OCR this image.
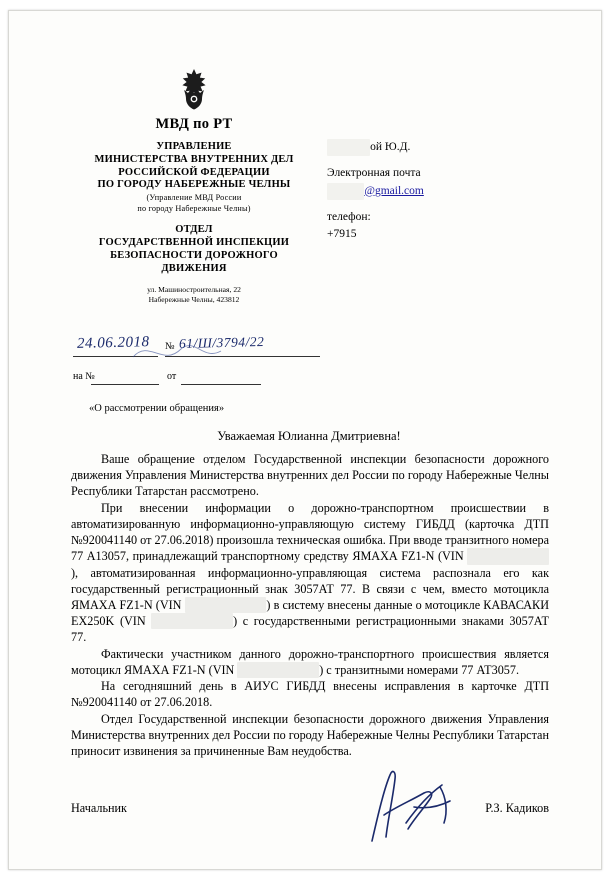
МВД по РТ
УПРАВЛЕНИЕ
МИНИСТЕРСТВА ВНУТРЕННИХ ДЕЛ
РОССИЙСКОЙ ФЕДЕРАЦИИ
ПО ГОРОДУ НАБЕРЕЖНЫЕ ЧЕЛНЫ
(Управление МВД России
по городу Набережные Челны)
ОТДЕЛ
ГОСУДАРСТВЕННОЙ ИНСПЕКЦИИ
БЕЗОПАСНОСТИ ДОРОЖНОГО
ДВИЖЕНИЯ
ул. Машиностроительная, 22
Набережные Челны, 423812
24.06.2018 № 61/Ш/3794/22
на №	от
ой Ю.Д.
Электронная почта
@gmail.com
телефон:
+7915
«О рассмотрении обращения»
Уважаемая Юлианна Дмитриевна!

Ваше обращение отделом Государственной инспекции безопасности дорожного движения Управления Министерства внутренних дел России по городу Набережные Челны Республики Татарстан рассмотрено.

При внесении информации о дорожно-транспортном происшествии в автоматизированную информационно-управляющую систему ГИБДД (карточка ДТП №920041140 от 27.06.2018) произошла техническая ошибка. При вводе транзитного номера 77 А13057, принадлежащий транспортному средству ЯМАХА FZ1-N (VIN                  ), автоматизированная информационно-управляющая система распознала его как государственный регистрационный знак 3057АТ 77. В связи с чем, вместо мотоцикла ЯМАХА FZ1-N (VIN	) в систему внесены данные о мотоцикле КАВАСАКИ EX250K (VIN	) с государственными регистрационными знаками 3057АТ 77.

Фактически участником данного дорожно-транспортного происшествия является мотоцикл ЯМАХА FZ1-N (VIN	) с транзитными номерами 77 АТ3057.

На сегодняшний день в АИУС ГИБДД внесены исправления в карточке ДТП №920041140 от 27.06.2018.

Отдел Государственной инспекции безопасности дорожного движения Управления Министерства внутренних дел России по городу Набережные Челны Республики Татарстан приносит извинения за причиненные Вам неудобства.

Начальник	Р.З. Кадиков
